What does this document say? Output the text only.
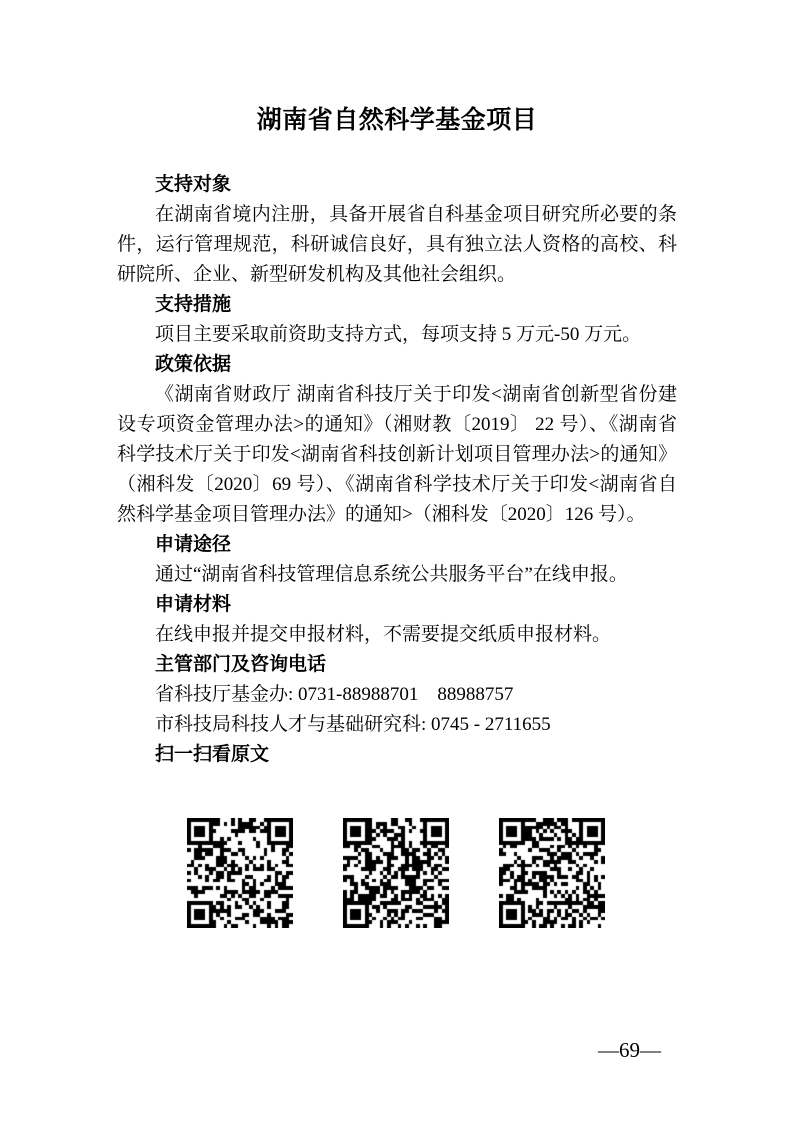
湖南省自然科学基金项目

支持对象

在湖南省境内注册，具备开展省自科基金项目研究所必要的条件，运行管理规范，科研诚信良好，具有独立法人资格的高校、科研院所、企业、新型研发机构及其他社会组织。

支持措施

项目主要采取前资助支持方式，每项支持 5 万元-50 万元。

政策依据

《湖南省财政厅 湖南省科技厅关于印发<湖南省创新型省份建设专项资金管理办法>的通知》（湘财教〔2019〕 22 号）、《湖南省科学技术厅关于印发<湖南省科技创新计划项目管理办法>的通知》（湘科发〔2020〕69 号）、《湖南省科学技术厅关于印发<湖南省自然科学基金项目管理办法》的通知>（湘科发〔2020〕126 号）。

申请途径

通过“湖南省科技管理信息系统公共服务平台”在线申报。

申请材料

在线申报并提交申报材料，不需要提交纸质申报材料。

主管部门及咨询电话

省科技厅基金办: 0731-88988701　88988757

市科技局科技人才与基础研究科: 0745 - 2711655

扫一扫看原文

—69—
